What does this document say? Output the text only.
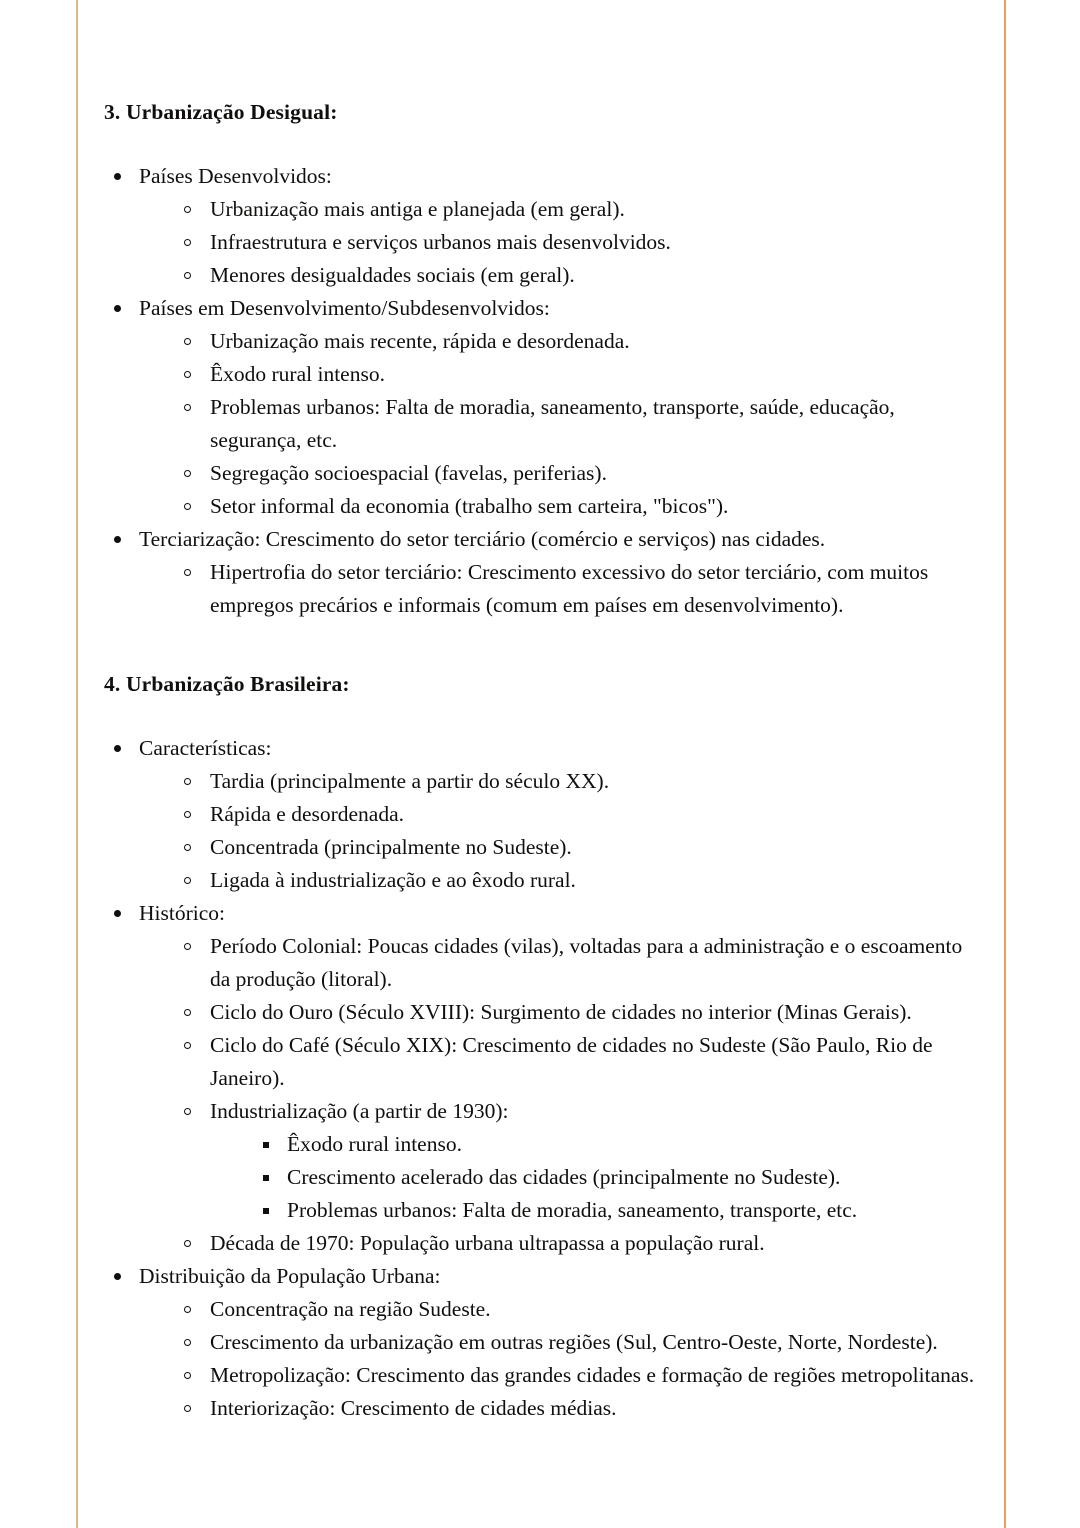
3. Urbanização Desigual:
Países Desenvolvidos:
Urbanização mais antiga e planejada (em geral).
Infraestrutura e serviços urbanos mais desenvolvidos.
Menores desigualdades sociais (em geral).
Países em Desenvolvimento/Subdesenvolvidos:
Urbanização mais recente, rápida e desordenada.
Êxodo rural intenso.
Problemas urbanos: Falta de moradia, saneamento, transporte, saúde, educação, segurança, etc.
Segregação socioespacial (favelas, periferias).
Setor informal da economia (trabalho sem carteira, "bicos").
Terciarização: Crescimento do setor terciário (comércio e serviços) nas cidades.
Hipertrofia do setor terciário: Crescimento excessivo do setor terciário, com muitos empregos precários e informais (comum em países em desenvolvimento).
4. Urbanização Brasileira:
Características:
Tardia (principalmente a partir do século XX).
Rápida e desordenada.
Concentrada (principalmente no Sudeste).
Ligada à industrialização e ao êxodo rural.
Histórico:
Período Colonial: Poucas cidades (vilas), voltadas para a administração e o escoamento da produção (litoral).
Ciclo do Ouro (Século XVIII): Surgimento de cidades no interior (Minas Gerais).
Ciclo do Café (Século XIX): Crescimento de cidades no Sudeste (São Paulo, Rio de Janeiro).
Industrialização (a partir de 1930):
Êxodo rural intenso.
Crescimento acelerado das cidades (principalmente no Sudeste).
Problemas urbanos: Falta de moradia, saneamento, transporte, etc.
Década de 1970: População urbana ultrapassa a população rural.
Distribuição da População Urbana:
Concentração na região Sudeste.
Crescimento da urbanização em outras regiões (Sul, Centro-Oeste, Norte, Nordeste).
Metropolização: Crescimento das grandes cidades e formação de regiões metropolitanas.
Interiorização: Crescimento de cidades médias.
